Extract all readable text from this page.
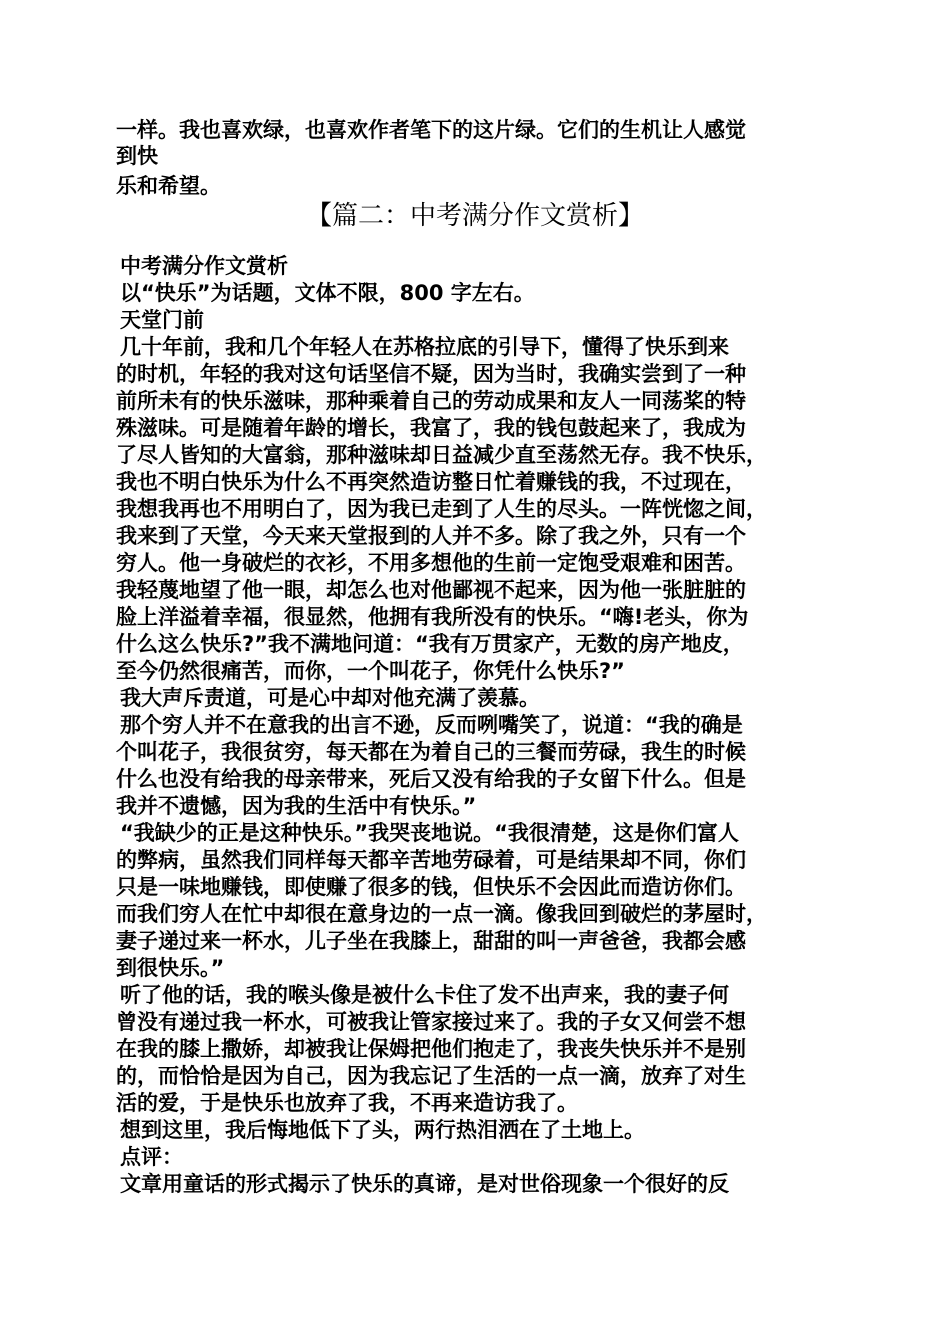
一样。我也喜欢绿，也喜欢作者笔下的这片绿。它们的生机让人感觉
到快
乐和希望。
【篇二：中考满分作文赏析】
中考满分作文赏析
以“快乐”为话题，文体不限，800 字左右。
天堂门前
几十年前，我和几个年轻人在苏格拉底的引导下，懂得了快乐到来
的时机，年轻的我对这句话坚信不疑，因为当时，我确实尝到了一种
前所未有的快乐滋味，那种乘着自己的劳动成果和友人一同荡桨的特
殊滋味。可是随着年龄的增长，我富了，我的钱包鼓起来了，我成为
了尽人皆知的大富翁，那种滋味却日益减少直至荡然无存。我不快乐，
我也不明白快乐为什么不再突然造访整日忙着赚钱的我，不过现在，
我想我再也不用明白了，因为我已走到了人生的尽头。一阵恍惚之间，
我来到了天堂，今天来天堂报到的人并不多。除了我之外，只有一个
穷人。他一身破烂的衣衫，不用多想他的生前一定饱受艰难和困苦。
我轻蔑地望了他一眼，却怎么也对他鄙视不起来，因为他一张脏脏的
脸上洋溢着幸福，很显然，他拥有我所没有的快乐。“嗨!老头，你为
什么这么快乐?”我不满地问道：“我有万贯家产，无数的房产地皮，
至今仍然很痛苦，而你，一个叫花子，你凭什么快乐?”
我大声斥责道，可是心中却对他充满了羡慕。
那个穷人并不在意我的出言不逊，反而咧嘴笑了，说道：“我的确是
个叫花子，我很贫穷，每天都在为着自己的三餐而劳碌，我生的时候
什么也没有给我的母亲带来，死后又没有给我的子女留下什么。但是
我并不遗憾，因为我的生活中有快乐。”
“我缺少的正是这种快乐。”我哭丧地说。“我很清楚，这是你们富人
的弊病，虽然我们同样每天都辛苦地劳碌着，可是结果却不同，你们
只是一味地赚钱，即使赚了很多的钱，但快乐不会因此而造访你们。
而我们穷人在忙中却很在意身边的一点一滴。像我回到破烂的茅屋时，
妻子递过来一杯水，儿子坐在我膝上，甜甜的叫一声爸爸，我都会感
到很快乐。”
听了他的话，我的喉头像是被什么卡住了发不出声来，我的妻子何
曾没有递过我一杯水，可被我让管家接过来了。我的子女又何尝不想
在我的膝上撒娇，却被我让保姆把他们抱走了，我丧失快乐并不是别
的，而恰恰是因为自己，因为我忘记了生活的一点一滴，放弃了对生
活的爱，于是快乐也放弃了我，不再来造访我了。
想到这里，我后悔地低下了头，两行热泪洒在了土地上。
点评：
文章用童话的形式揭示了快乐的真谛，是对世俗现象一个很好的反
